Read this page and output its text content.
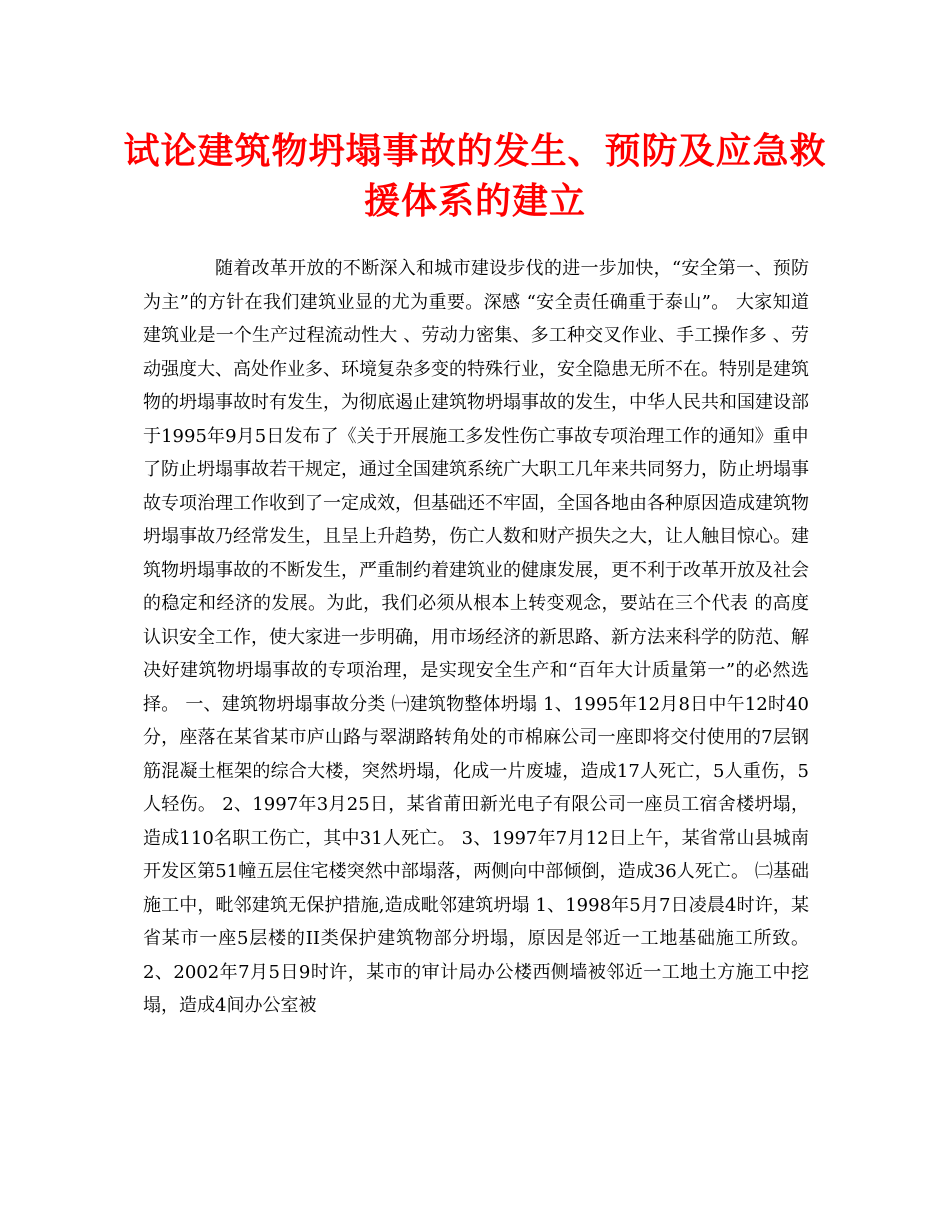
试论建筑物坍塌事故的发生、预防及应急救援体系的建立

随着改革开放的不断深入和城市建设步伐的进一步加快，“安全第一、预防为主”的方针在我们建筑业显的尤为重要。深感 “安全责任确重于泰山”。 大家知道建筑业是一个生产过程流动性大 、劳动力密集、多工种交叉作业、手工操作多 、劳动强度大、高处作业多、环境复杂多变的特殊行业，安全隐患无所不在。特别是建筑物的坍塌事故时有发生，为彻底遏止建筑物坍塌事故的发生，中华人民共和国建设部于1995年9月5日发布了《关于开展施工多发性伤亡事故专项治理工作的通知》重申了防止坍塌事故若干规定，通过全国建筑系统广大职工几年来共同努力，防止坍塌事故专项治理工作收到了一定成效，但基础还不牢固，全国各地由各种原因造成建筑物坍塌事故乃经常发生，且呈上升趋势，伤亡人数和财产损失之大，让人触目惊心。建筑物坍塌事故的不断发生，严重制约着建筑业的健康发展，更不利于改革开放及社会的稳定和经济的发展。为此，我们必须从根本上转变观念，要站在三个代表 的高度认识安全工作，使大家进一步明确，用市场经济的新思路、新方法来科学的防范、解决好建筑物坍塌事故的专项治理，是实现安全生产和“百年大计质量第一”的必然选择。 一、建筑物坍塌事故分类 ㈠建筑物整体坍塌 1、1995年12月8日中午12时40分，座落在某省某市庐山路与翠湖路转角处的市棉麻公司一座即将交付使用的7层钢筋混凝土框架的综合大楼，突然坍塌，化成一片废墟，造成17人死亡，5人重伤，5人轻伤。 2、1997年3月25日，某省莆田新光电子有限公司一座员工宿舍楼坍塌，造成110名职工伤亡，其中31人死亡。 3、1997年7月12日上午，某省常山县城南开发区第51幢五层住宅楼突然中部塌落，两侧向中部倾倒，造成36人死亡。 ㈡基础施工中，毗邻建筑无保护措施,造成毗邻建筑坍塌 1、1998年5月7日凌晨4时许，某省某市一座5层楼的II类保护建筑物部分坍塌，原因是邻近一工地基础施工所致。 2、2002年7月5日9时许，某市的审计局办公楼西侧墙被邻近一工地土方施工中挖塌，造成4间办公室被
